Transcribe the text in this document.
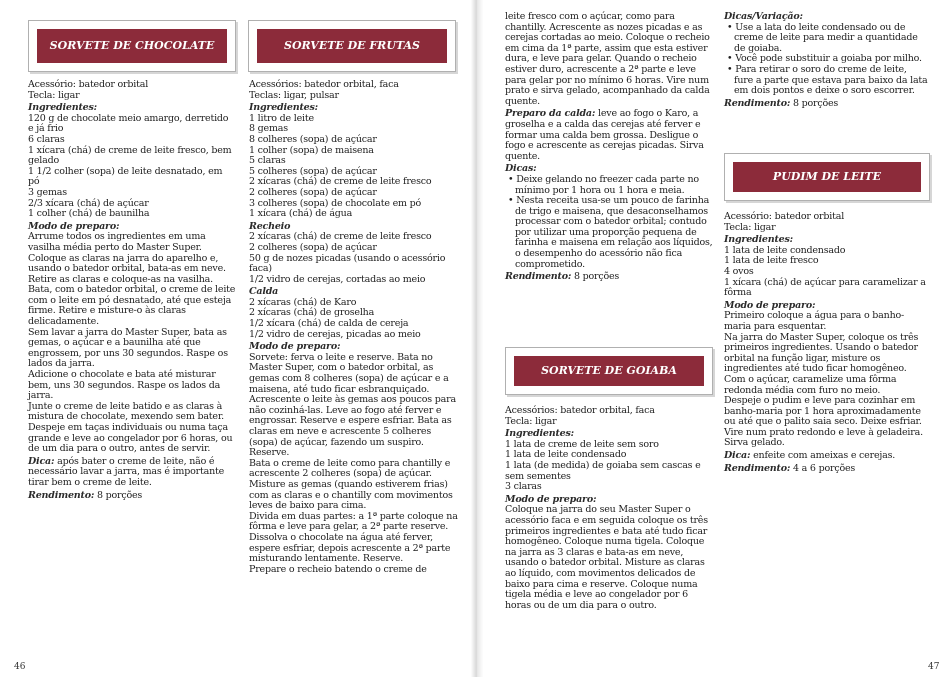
SORVETE DE CHOCOLATE

Acessório: batedor orbital

Tecla: ligar

Ingredientes:

120 g de chocolate meio amargo, derretido e já frio

6 claras

1 xícara (chá) de creme de leite fresco, bem gelado

1 1/2 colher (sopa) de leite desnatado, em pó

3 gemas

2/3 xícara (chá) de açúcar

1 colher (chá) de baunilha

Modo de preparo:

Arrume todos os ingredientes em uma vasilha média perto do Master Super.

Coloque as claras na jarra do aparelho e, usando o batedor orbital, bata-as em neve. Retire as claras e coloque-as na vasilha.

Bata, com o batedor orbital, o creme de leite com o leite em pó desnatado, até que esteja firme. Retire e misture-o às claras delicadamente.

Sem lavar a jarra do Master Super, bata as gemas, o açúcar e a baunilha até que engrossem, por uns 30 segundos. Raspe os lados da jarra.

Adicione o chocolate e bata até misturar bem, uns 30 segundos. Raspe os lados da jarra.

Junte o creme de leite batido e as claras à mistura de chocolate, mexendo sem bater. Despeje em taças individuais ou numa taça grande e leve ao congelador por 6 horas, ou de um dia para o outro, antes de servir.

Dica: após bater o creme de leite, não é necessário lavar a jarra, mas é importante tirar bem o creme de leite.

Rendimento: 8 porções

SORVETE DE FRUTAS

Acessórios: batedor orbital, faca

Teclas: ligar, pulsar

Ingredientes:

1 litro de leite

8 gemas

8 colheres (sopa) de açúcar

1 colher (sopa) de maisena

5 claras

5 colheres (sopa) de açúcar

2 xícaras (chá) de creme de leite fresco

2 colheres (sopa) de açúcar

3 colheres (sopa) de chocolate em pó

1 xícara (chá) de água

Recheio

2 xícaras (chá) de creme de leite fresco

2 colheres (sopa) de açúcar

50 g de nozes picadas (usando o acessório faca)

1/2 vidro de cerejas, cortadas ao meio

Calda

2 xícaras (chá) de Karo

2 xícaras (chá) de groselha

1/2 xícara (chá) de calda de cereja

1/2 vidro de cerejas, picadas ao meio

Modo de preparo:

Sorvete: ferva o leite e reserve. Bata no Master Super, com o batedor orbital, as gemas com 8 colheres (sopa) de açúcar e a maisena, até tudo ficar esbranquiçado. Acrescente o leite às gemas aos poucos para não cozinhá-las. Leve ao fogo até ferver e engrossar. Reserve e espere esfriar. Bata as claras em neve e acrescente 5 colheres (sopa) de açúcar, fazendo um suspiro. Reserve.

Bata o creme de leite como para chantilly e acrescente 2 colheres (sopa) de açúcar.

Misture as gemas (quando estiverem frias) com as claras e o chantilly com movimentos leves de baixo para cima.

Divida em duas partes: a 1ª parte coloque na fôrma e leve para gelar, a 2ª parte reserve.

Dissolva o chocolate na água até ferver, espere esfriar, depois acrescente a 2ª parte misturando lentamente. Reserve.

Prepare o recheio batendo o creme de

46

leite fresco com o açúcar, como para chantilly. Acrescente as nozes picadas e as cerejas cortadas ao meio. Coloque o recheio em cima da 1ª parte, assim que esta estiver dura, e leve para gelar. Quando o recheio estiver duro, acrescente a 2ª parte e leve para gelar por no mínimo 6 horas. Vire num prato e sirva gelado, acompanhado da calda quente.

Preparo da calda: leve ao fogo o Karo, a groselha e a calda das cerejas até ferver e formar uma calda bem grossa. Desligue o fogo e acrescente as cerejas picadas. Sirva quente.

Dicas:

• Deixe gelando no freezer cada parte no mínimo por 1 hora ou 1 hora e meia.

• Nesta receita usa-se um pouco de farinha de trigo e maisena, que desaconselhamos processar com o batedor orbital; contudo por utilizar uma proporção pequena de farinha e maisena em relação aos líquidos, o desempenho do acessório não fica comprometido.

Rendimento: 8 porções

SORVETE DE GOIABA

Acessórios: batedor orbital, faca

Tecla: ligar

Ingredientes:

1 lata de creme de leite sem soro

1 lata de leite condensado

1 lata (de medida) de goiaba sem cascas e sem sementes

3 claras

Modo de preparo:

Coloque na jarra do seu Master Super o acessório faca e em seguida coloque os três primeiros ingredientes e bata até tudo ficar homogêneo. Coloque numa tigela. Coloque na jarra as 3 claras e bata-as em neve, usando o batedor orbital. Misture as claras ao líquido, com movimentos delicados de baixo para cima e reserve. Coloque numa tigela média e leve ao congelador por 6 horas ou de um dia para o outro.

Dicas/Variação:

• Use a lata do leite condensado ou de creme de leite para medir a quantidade de goiaba.

• Você pode substituir a goiaba por milho.

• Para retirar o soro do creme de leite, fure a parte que estava para baixo da lata em dois pontos e deixe o soro escorrer.

Rendimento: 8 porções

PUDIM DE LEITE

Acessório: batedor orbital

Tecla: ligar

Ingredientes:

1 lata de leite condensado

1 lata de leite fresco

4 ovos

1 xícara (chá) de açúcar para caramelizar a fôrma

Modo de preparo:

Primeiro coloque a água para o banho-maria para esquentar.

Na jarra do Master Super, coloque os três primeiros ingredientes. Usando o batedor orbital na função ligar, misture os ingredientes até tudo ficar homogêneo.

Com o açúcar, caramelize uma fôrma redonda média com furo no meio.

Despeje o pudim e leve para cozinhar em banho-maria por 1 hora aproximadamente ou até que o palito saia seco. Deixe esfriar. Vire num prato redondo e leve à geladeira. Sirva gelado.

Dica: enfeite com ameixas e cerejas.

Rendimento: 4 a 6 porções

47
